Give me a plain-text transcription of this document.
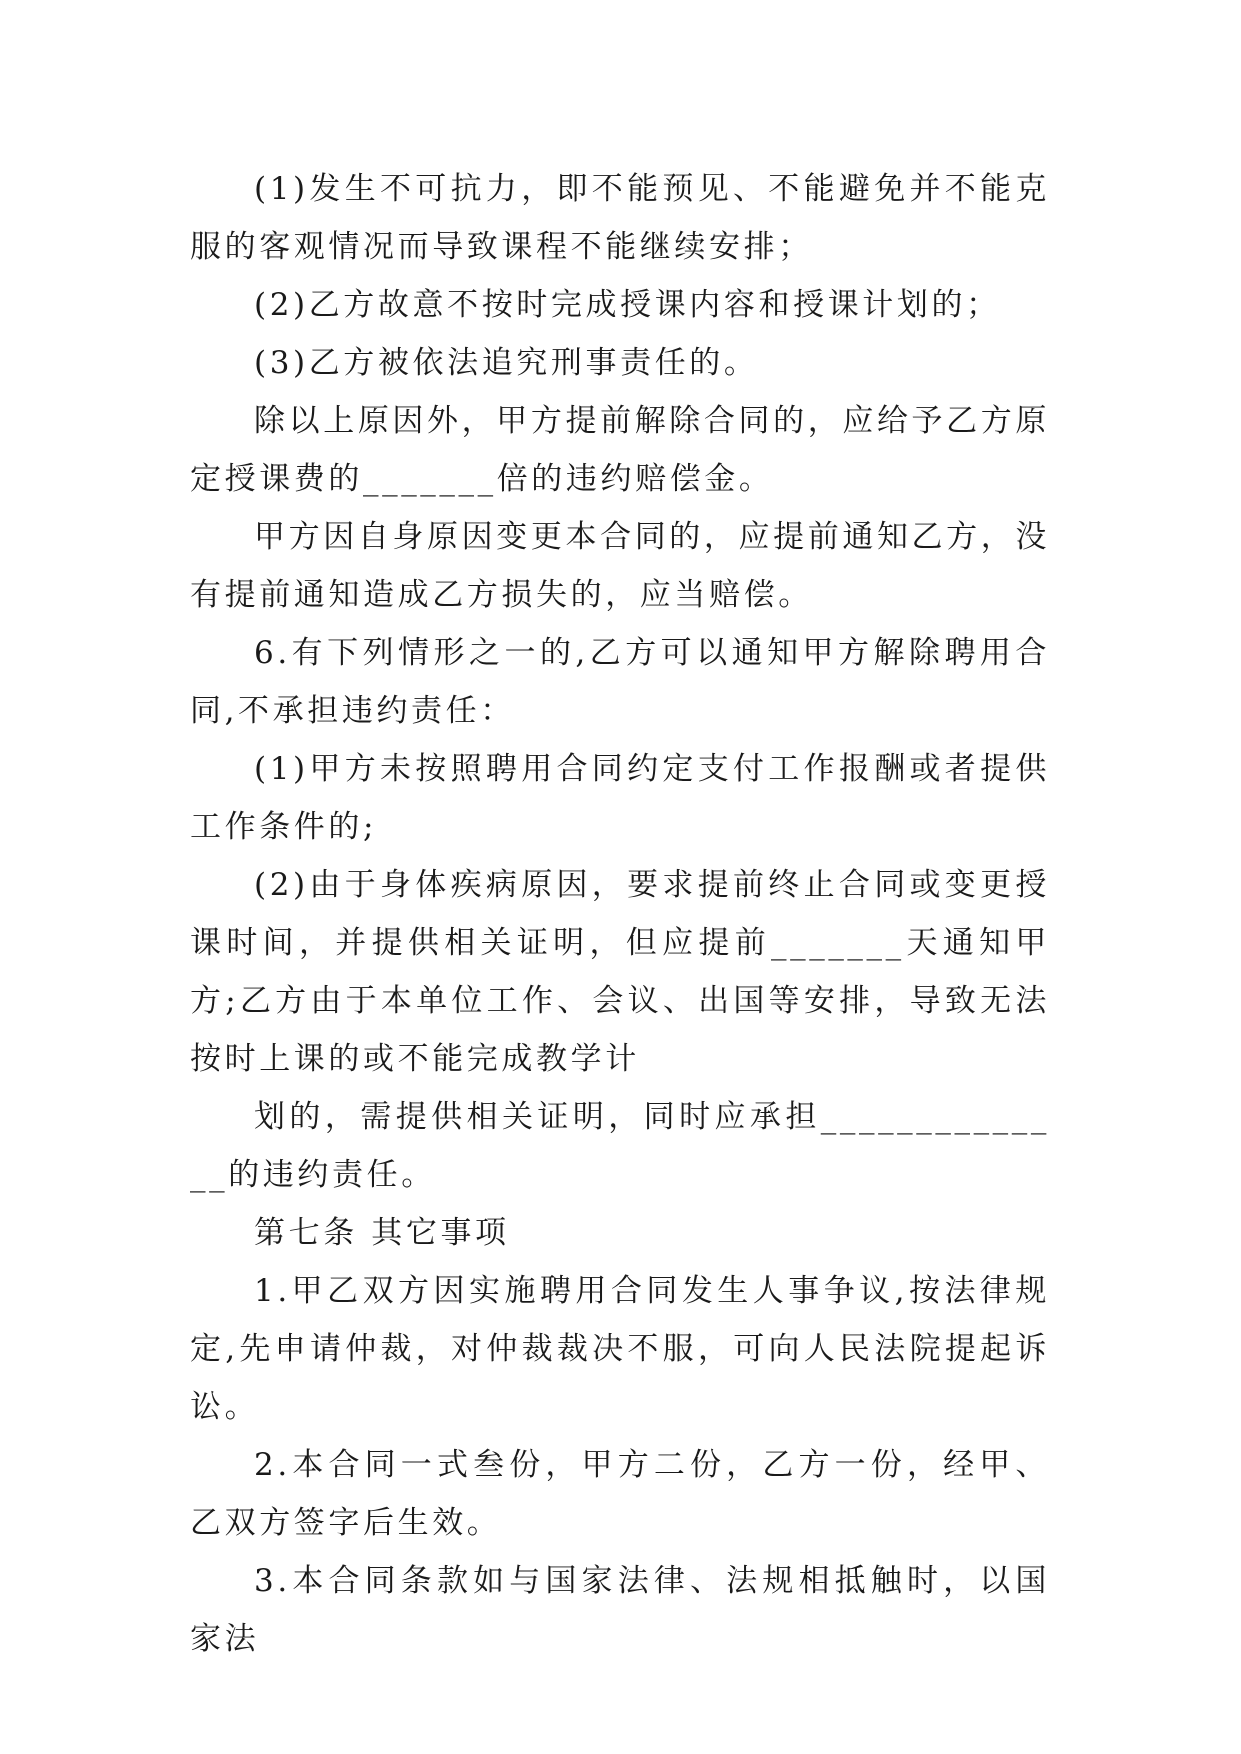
(1)发生不可抗力，即不能预见、不能避免并不能克服的客观情况而导致课程不能继续安排；

(2)乙方故意不按时完成授课内容和授课计划的；

(3)乙方被依法追究刑事责任的。

除以上原因外，甲方提前解除合同的，应给予乙方原定授课费的_______倍的违约赔偿金。

甲方因自身原因变更本合同的，应提前通知乙方，没有提前通知造成乙方损失的，应当赔偿。

6.有下列情形之一的,乙方可以通知甲方解除聘用合同,不承担违约责任：

(1)甲方未按照聘用合同约定支付工作报酬或者提供工作条件的;

(2)由于身体疾病原因，要求提前终止合同或变更授课时间，并提供相关证明，但应提前_______天通知甲方;乙方由于本单位工作、会议、出国等安排，导致无法按时上课的或不能完成教学计

划的，需提供相关证明，同时应承担______________的违约责任。

第七条 其它事项

1.甲乙双方因实施聘用合同发生人事争议,按法律规定,先申请仲裁，对仲裁裁决不服，可向人民法院提起诉讼。

2.本合同一式叁份，甲方二份，乙方一份，经甲、乙双方签字后生效。

3.本合同条款如与国家法律、法规相抵触时，以国家法
